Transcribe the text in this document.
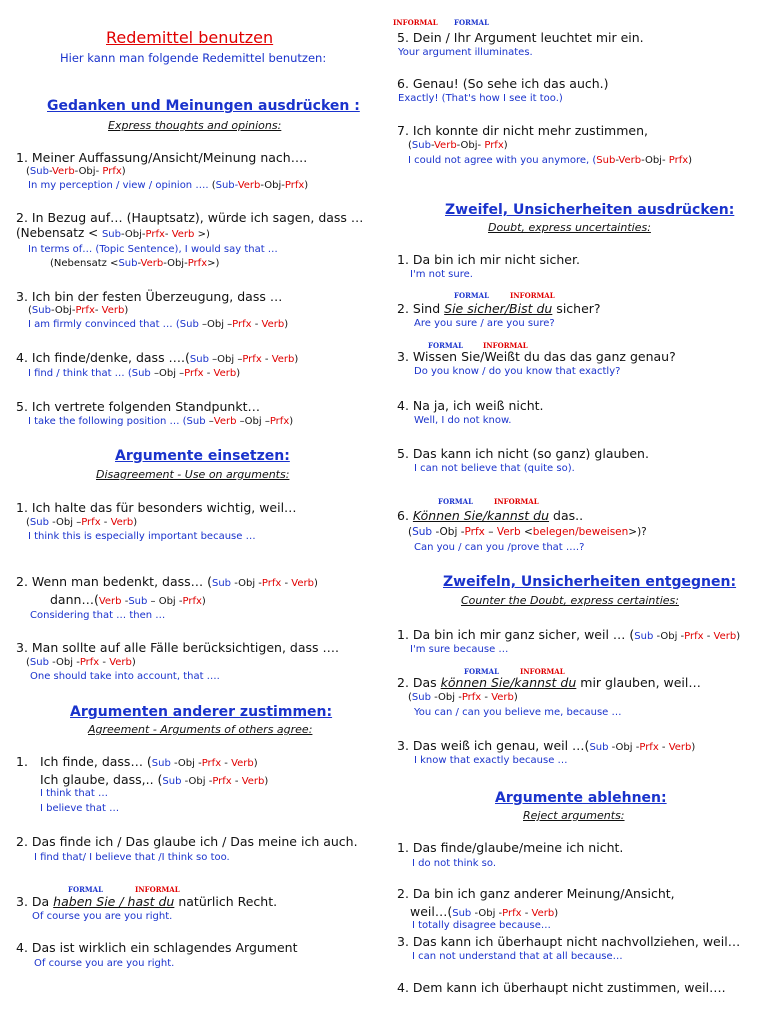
Redemittel benutzen
Hier kann man folgende Redemittel benutzen:
Gedanken und Meinungen ausdrücken :
Express thoughts and opinions:
1. Meiner Auffassung/Ansicht/Meinung nach….
(Sub-Verb-Obj- Prfx)
In my perception / view / opinion …. (Sub-Verb-Obj-Prfx)
2. In Bezug auf… (Hauptsatz), würde ich sagen, dass …
(Nebensatz < Sub-Obj-Prfx- Verb >)
In terms of… (Topic Sentence), I would say that …
(Nebensatz <Sub-Verb-Obj-Prfx>)
3. Ich bin der festen Überzeugung, dass …
(Sub-Obj-Prfx- Verb)
I am firmly convinced that … (Sub –Obj –Prfx - Verb)
4. Ich finde/denke, dass ….(Sub –Obj –Prfx - Verb)
I find / think that … (Sub –Obj –Prfx - Verb)
5. Ich vertrete folgenden Standpunkt…
I take the following position … (Sub –Verb –Obj –Prfx)
Argumente einsetzen:
Disagreement - Use on arguments:
1. Ich halte das für besonders wichtig, weil…
(Sub -Obj –Prfx - Verb)
I think this is especially important because …
2. Wenn man bedenkt, dass… (Sub -Obj -Prfx - Verb)
dann…(Verb -Sub – Obj -Prfx)
Considering that … then …
3. Man sollte auf alle Fälle berücksichtigen, dass ….
(Sub -Obj -Prfx - Verb)
One should take into account, that ….
Argumenten anderer zustimmen:
Agreement - Arguments of others agree:
1. Ich finde, dass… (Sub -Obj -Prfx - Verb)
Ich glaube, dass,.. (Sub -Obj -Prfx - Verb)
I think that …
I believe that …
2. Das finde ich / Das glaube ich / Das meine ich auch.
I find that/ I believe that /I think so too.
FORMAL	INFORMAL
3. Da haben Sie / hast du natürlich Recht.
Of course you are you right.
4. Das ist wirklich ein schlagendes Argument
Of course you are you right.
INFORMAL FORMAL
5. Dein / Ihr Argument leuchtet mir ein.
Your argument illuminates.
6. Genau! (So sehe ich das auch.)
Exactly! (That's how I see it too.)
7. Ich konnte dir nicht mehr zustimmen,
(Sub-Verb-Obj- Prfx)
I could not agree with you anymore, (Sub-Verb-Obj- Prfx)
Zweifel, Unsicherheiten ausdrücken:
Doubt, express uncertainties:
1. Da bin ich mir nicht sicher.
I'm not sure.
FORMAL	INFORMAL
2. Sind Sie sicher/Bist du sicher?
Are you sure / are you sure?
FORMAL	INFORMAL
3. Wissen Sie/Weißt du das das ganz genau?
Do you know / do you know that exactly?
4. Na ja, ich weiß nicht.
Well, I do not know.
5. Das kann ich nicht (so ganz) glauben.
I can not believe that (quite so).
FORMAL	INFORMAL
6. Können Sie/kannst du das..
(Sub -Obj -Prfx – Verb <belegen/beweisen>)?
Can you / can you /prove that ….?
Zweifeln, Unsicherheiten entgegnen:
Counter the Doubt, express certainties:
1. Da bin ich mir ganz sicher, weil … (Sub -Obj -Prfx - Verb)
I'm sure because …
FORMAL	INFORMAL
2. Das können Sie/kannst du mir glauben, weil…
(Sub -Obj -Prfx - Verb)
You can / can you believe me, because …
3. Das weiß ich genau, weil …(Sub -Obj -Prfx - Verb)
I know that exactly because …
Argumente ablehnen:
Reject arguments:
1. Das finde/glaube/meine ich nicht.
I do not think so.
2. Da bin ich ganz anderer Meinung/Ansicht,
weil…(Sub -Obj -Prfx - Verb)
I totally disagree because…
3. Das kann ich überhaupt nicht nachvollziehen, weil…
I can not understand that at all because…
4. Dem kann ich überhaupt nicht zustimmen, weil….
